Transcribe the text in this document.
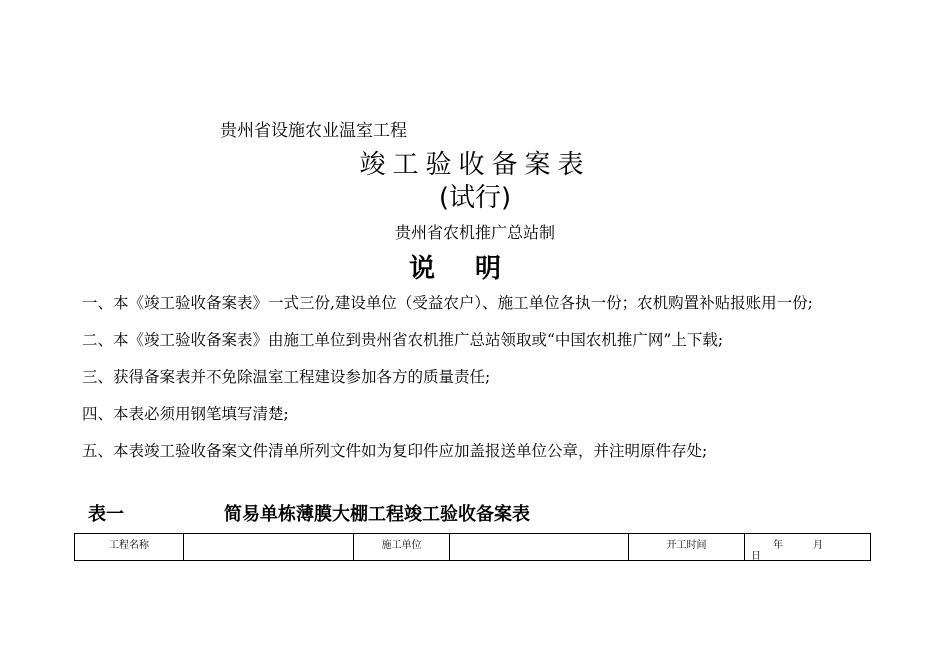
贵州省设施农业温室工程
竣工验收备案表
(试行)
贵州省农机推广总站制
说明
一、本《竣工验收备案表》一式三份,建设单位（受益农户）、施工单位各执一份；农机购置补贴报账用一份;
二、本《竣工验收备案表》由施工单位到贵州省农机推广总站领取或“中国农机推广网”上下载;
三、获得备案表并不免除温室工程建设参加各方的质量责任;
四、本表必须用钢笔填写清楚;
五、本表竣工验收备案文件清单所列文件如为复印件应加盖报送单位公章，并注明原件存处;
表一	简易单栋薄膜大棚工程竣工验收备案表
工程名称		施工单位		开工时间	年	月
日
